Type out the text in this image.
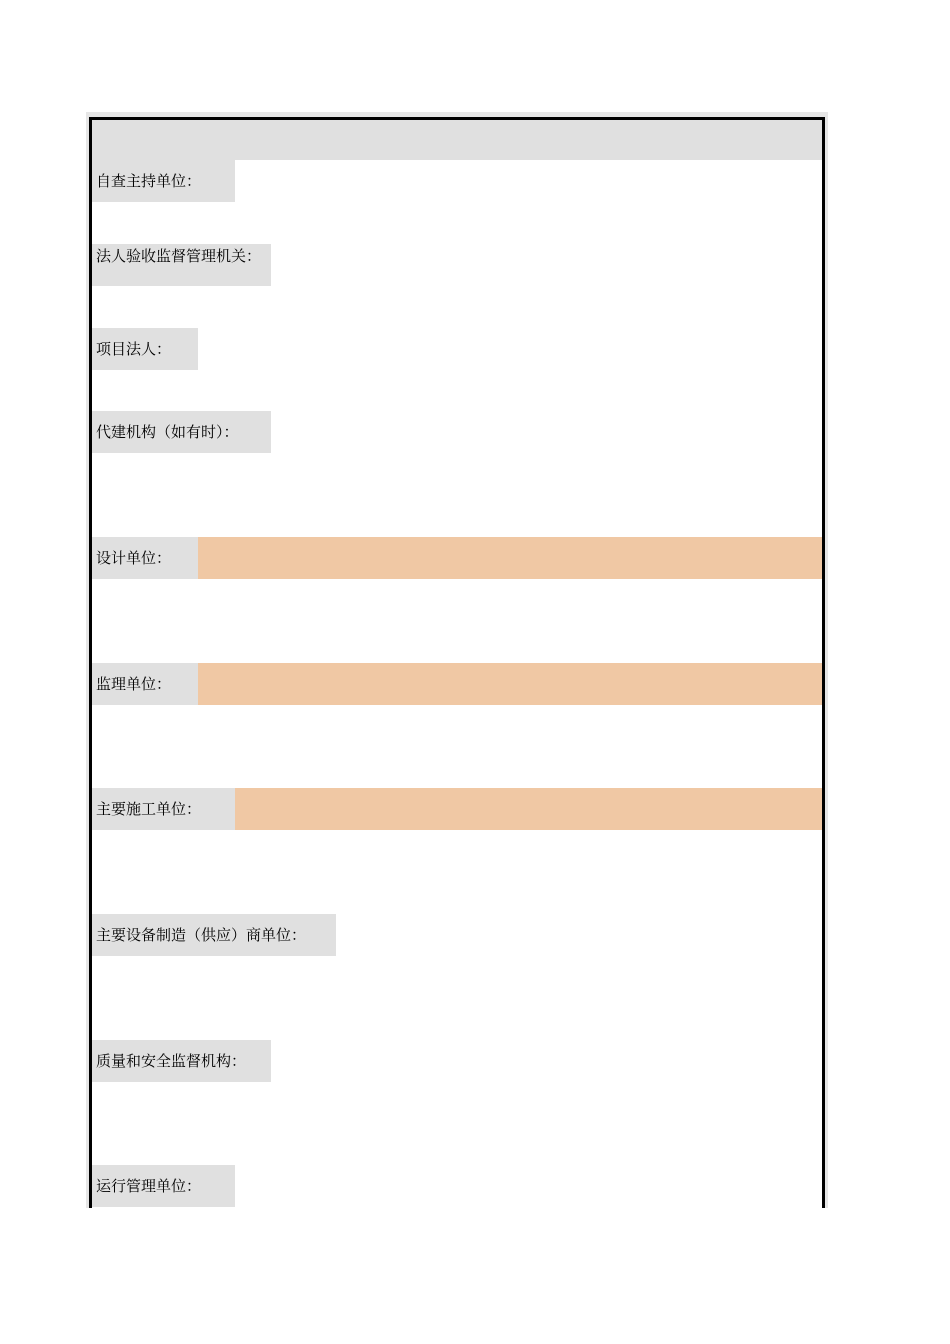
自查主持单位：
法人验收监督管理机关：
项目法人：
代建机构（如有时）：
设计单位：
监理单位：
主要施工单位：
主要设备制造（供应）商单位：
质量和安全监督机构：
运行管理单位：
